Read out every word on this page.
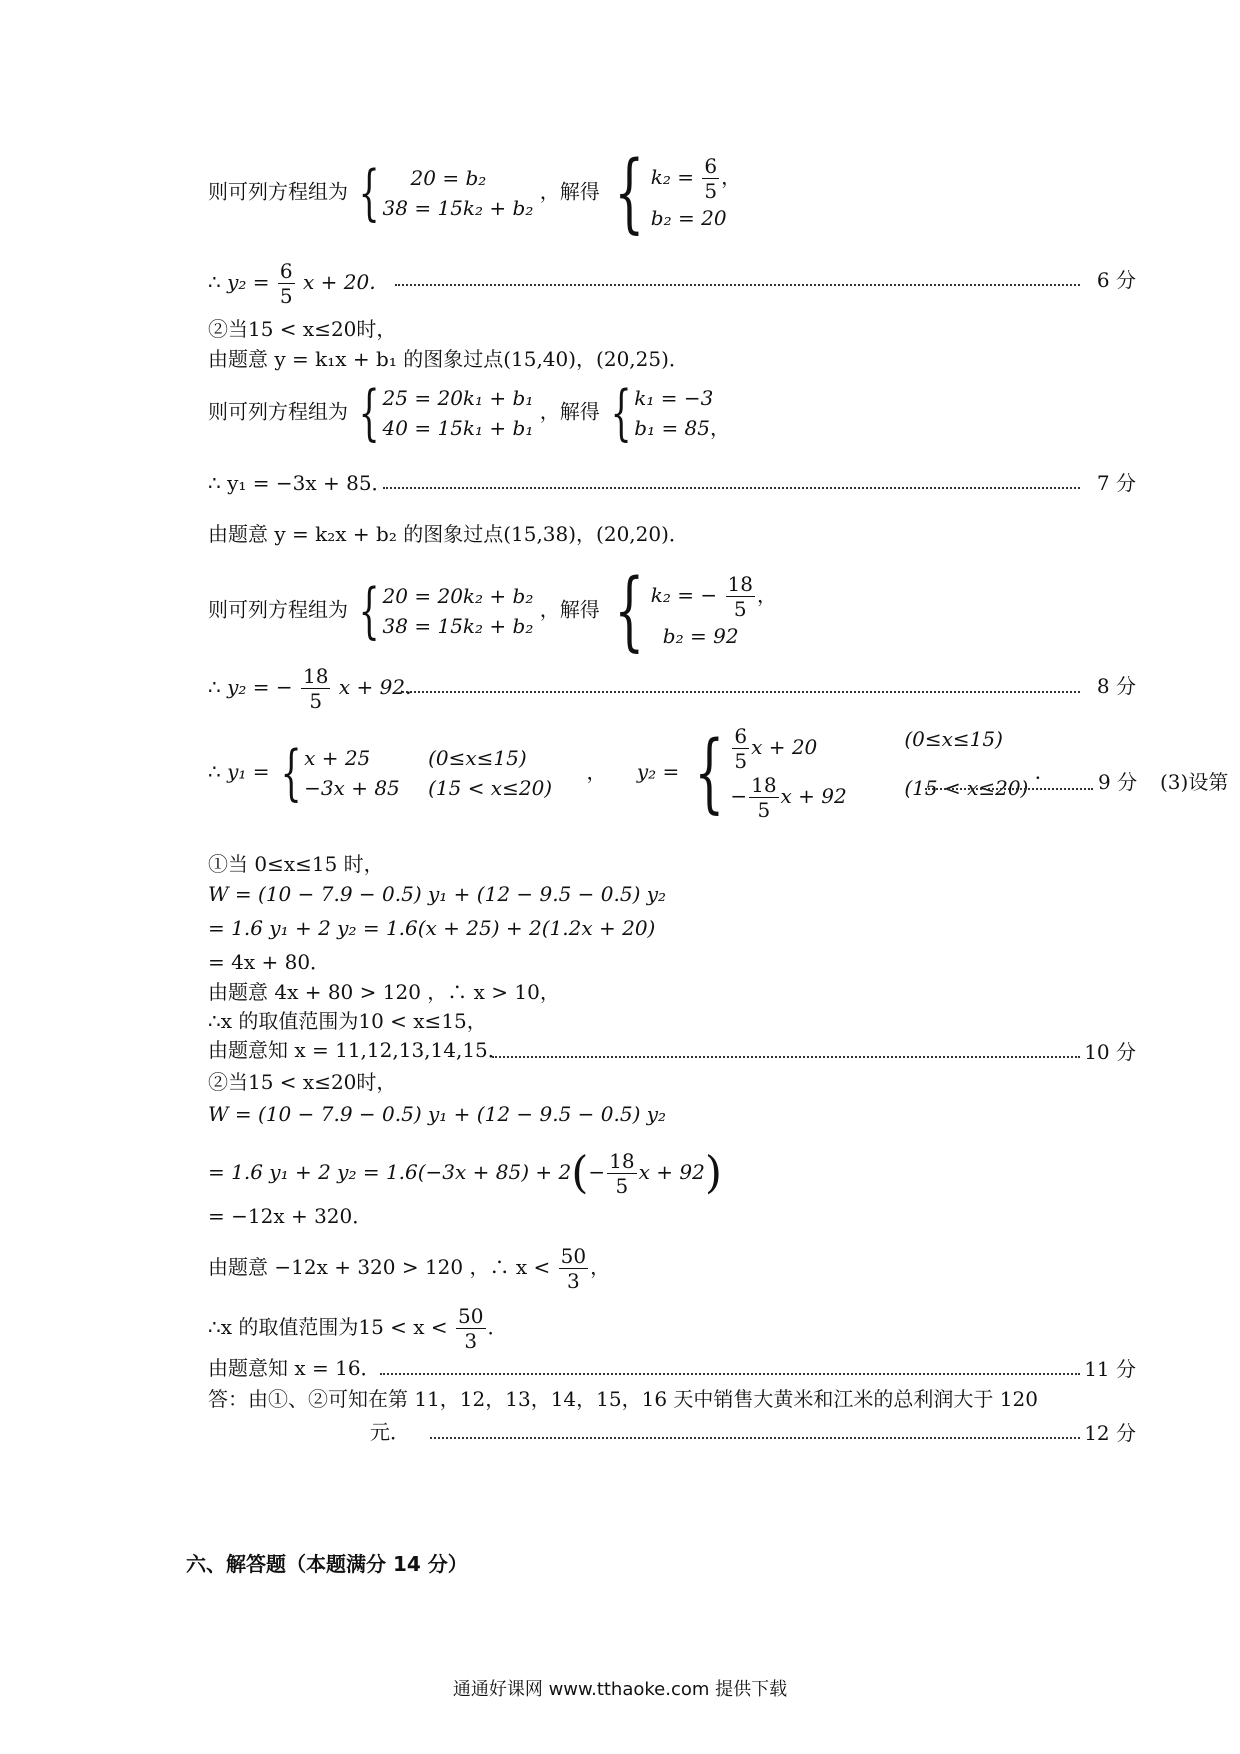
则可列方程组为 {	20 = b₂
38 = 15k₂ + b₂
，解得 { $k_2 = \frac{6}{5}$ ，
b₂ = 20
∴ $y_2 = \frac{6}{5}$ x + 20．	6 分
②当15 < x≤20时，
由题意 y = k₁x + b₁ 的图象过点(15,40)，(20,25)．
则可列方程组为 { 25 = 20k₁ + b₁
40 = 15k₁ + b₁
，解得 { k₁ = −3
b₁ = 85，
∴ y₁ = −3x + 85．	7 分
由题意 y = k₂x + b₂ 的图象过点(15,38)，(20,20)．
则可列方程组为 { 20 = 20k₂ + b₂
38 = 15k₂ + b₂
，解得 { k₂ = − $\frac{18}{5}$ ，
b₂ = 92
∴ y₂ = − $\frac{18}{5}$ x + 92．	8 分
∴ y₁ = { x + 25	(0≤x≤15)
−3x + 85 (15 < x≤20)
， y₂ = { $\frac{6}{5}$ x + 20	(0≤x≤15)
− $\frac{18}{5}$ x + 92	(15 < x≤20)
． 9 分 (3)设第
①当 0≤x≤15 时，
W = (10 − 7.9 − 0.5) y₁ + (12 − 9.5 − 0.5) y₂
= 1.6 y₁ + 2 y₂ = 1.6(x + 25) + 2(1.2x + 20)
= 4x + 80．
由题意 4x + 80 > 120 ，∴ x > 10，
∴x 的取值范围为10 < x≤15，
由题意知 x = 11,12,13,14,15．	10 分
②当15 < x≤20时，
W = (10 − 7.9 − 0.5) y₁ + (12 − 9.5 − 0.5) y₂
= 1.6 y₁ + 2 $y_2 = 1.6(-3x + 85) + 2(- \frac{18}{5}$ x + 92)
= −12x + 320．
由题意 −12x + 320 > 120 ，∴ $x < \frac{50}{3}$ ，
∴x 的取值范围为$15 < x < \frac{50}{3}$ ．
由题意知 x = 16．	11 分
答：由①、②可知在第 11，12，13，14，15，16 天中销售大黄米和江米的总利润大于 120
元．	12 分
六、解答题（本题满分 14 分）
通通好课网 www.tthaoke.com 提供下载
